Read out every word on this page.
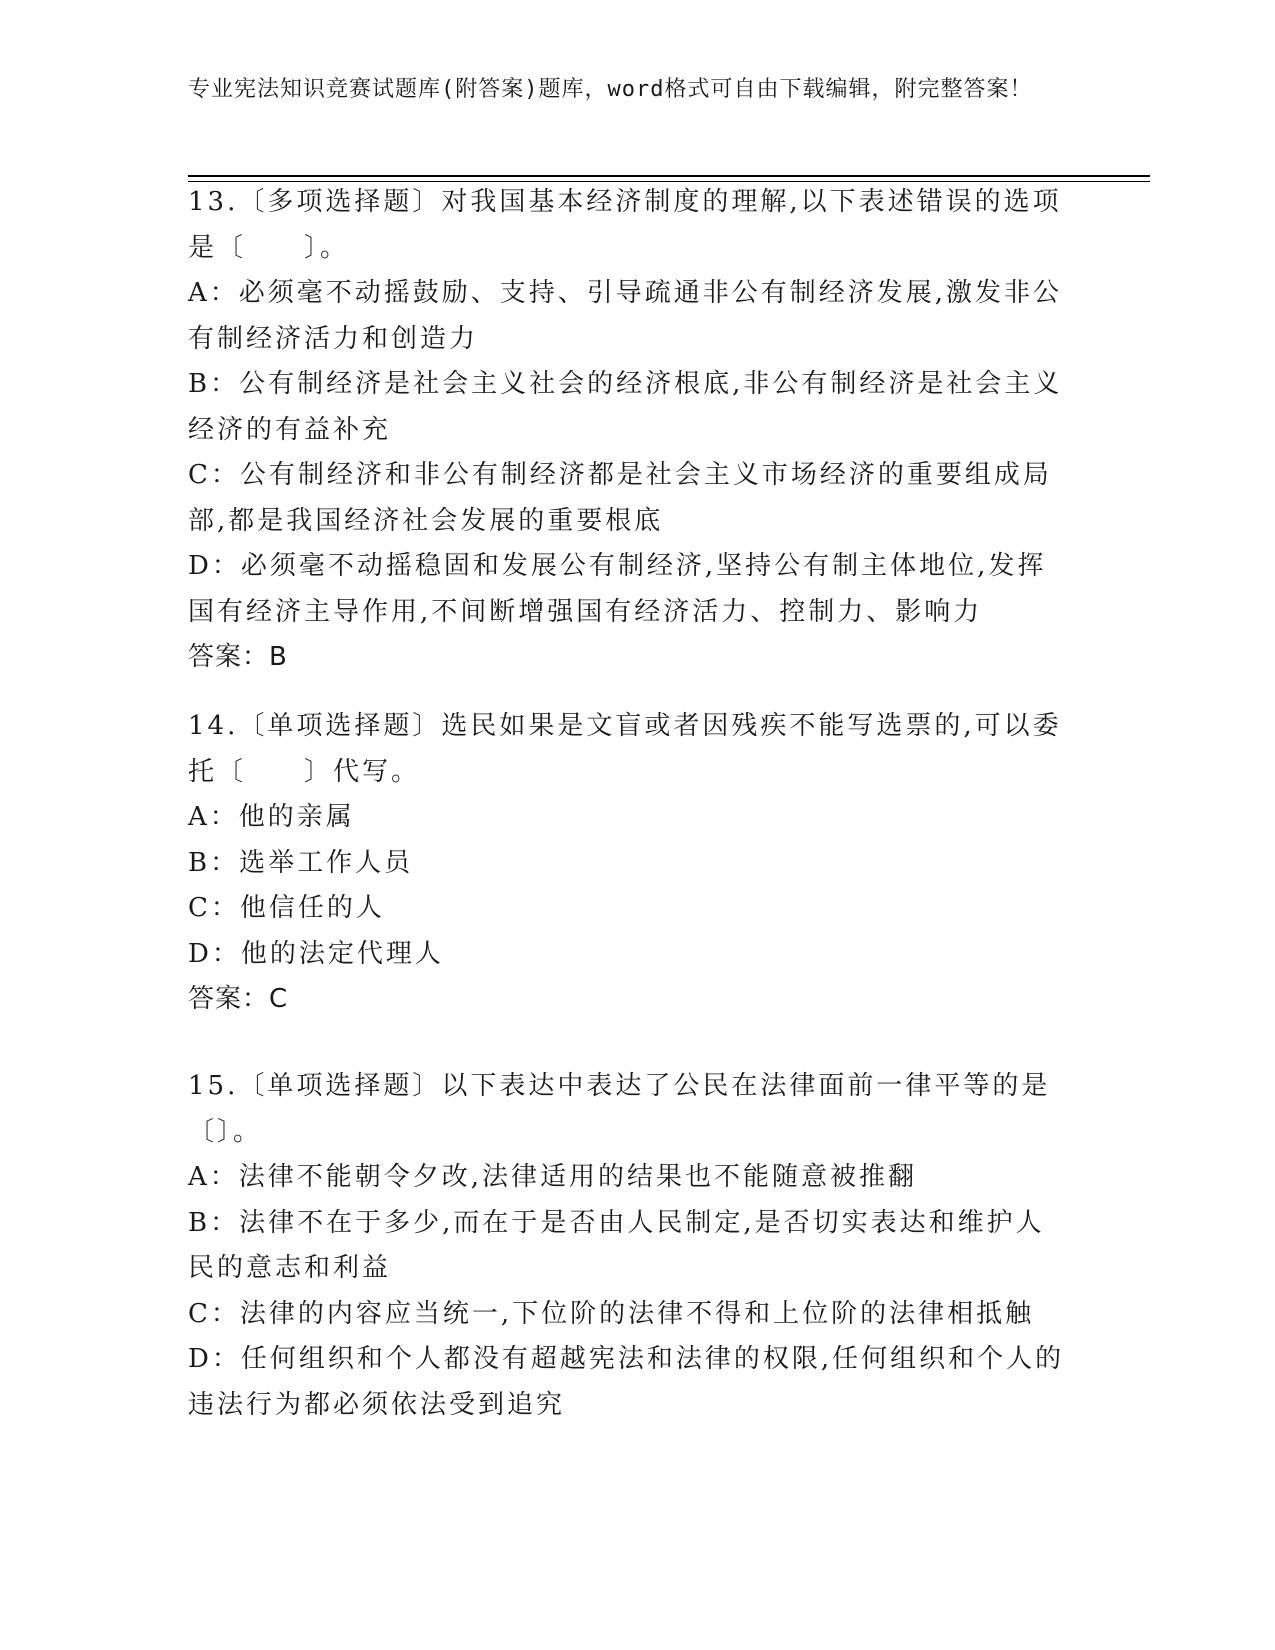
专业宪法知识竞赛试题库(附答案)题库，word格式可自由下载编辑，附完整答案！
13.〔多项选择题〕对我国基本经济制度的理解,以下表述错误的选项是〔　　〕。
A：必须毫不动摇鼓励、支持、引导疏通非公有制经济发展,激发非公有制经济活力和创造力
B：公有制经济是社会主义社会的经济根底,非公有制经济是社会主义经济的有益补充
C：公有制经济和非公有制经济都是社会主义市场经济的重要组成局部,都是我国经济社会发展的重要根底
D：必须毫不动摇稳固和发展公有制经济,坚持公有制主体地位,发挥国有经济主导作用,不间断增强国有经济活力、控制力、影响力
答案：B
14.〔单项选择题〕选民如果是文盲或者因残疾不能写选票的,可以委托〔　　〕代写。
A：他的亲属
B：选举工作人员
C：他信任的人
D：他的法定代理人
答案：C
15.〔单项选择题〕以下表达中表达了公民在法律面前一律平等的是〔〕。
A：法律不能朝令夕改,法律适用的结果也不能随意被推翻
B：法律不在于多少,而在于是否由人民制定,是否切实表达和维护人民的意志和利益
C：法律的内容应当统一,下位阶的法律不得和上位阶的法律相抵触
D：任何组织和个人都没有超越宪法和法律的权限,任何组织和个人的违法行为都必须依法受到追究
